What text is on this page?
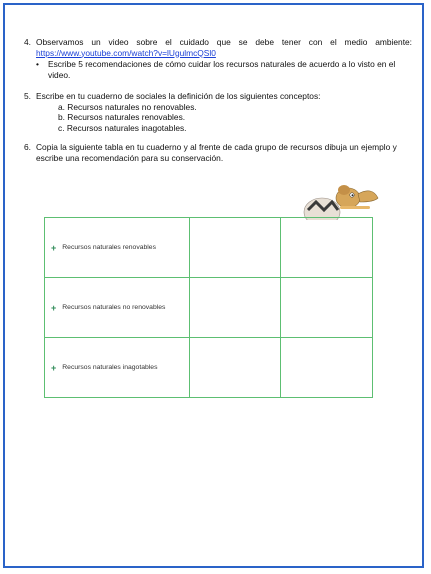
4. Observamos un video sobre el cuidado que se debe tener con el medio ambiente: https://www.youtube.com/watch?v=lUgulmcQSl0
• Escribe 5 recomendaciones de cómo cuidar los recursos naturales de acuerdo a lo visto en el video.
5. Escribe en tu cuaderno de sociales la definición de los siguientes conceptos:
a. Recursos naturales no renovables.
b. Recursos naturales renovables.
c. Recursos naturales inagotables.
6. Copia la siguiente tabla en tu cuaderno y al frente de cada grupo de recursos dibuja un ejemplo y escribe una recomendación para su conservación.
+ Recursos naturales renovables		

+ Recursos naturales no renovables		

+ Recursos naturales inagotables		
